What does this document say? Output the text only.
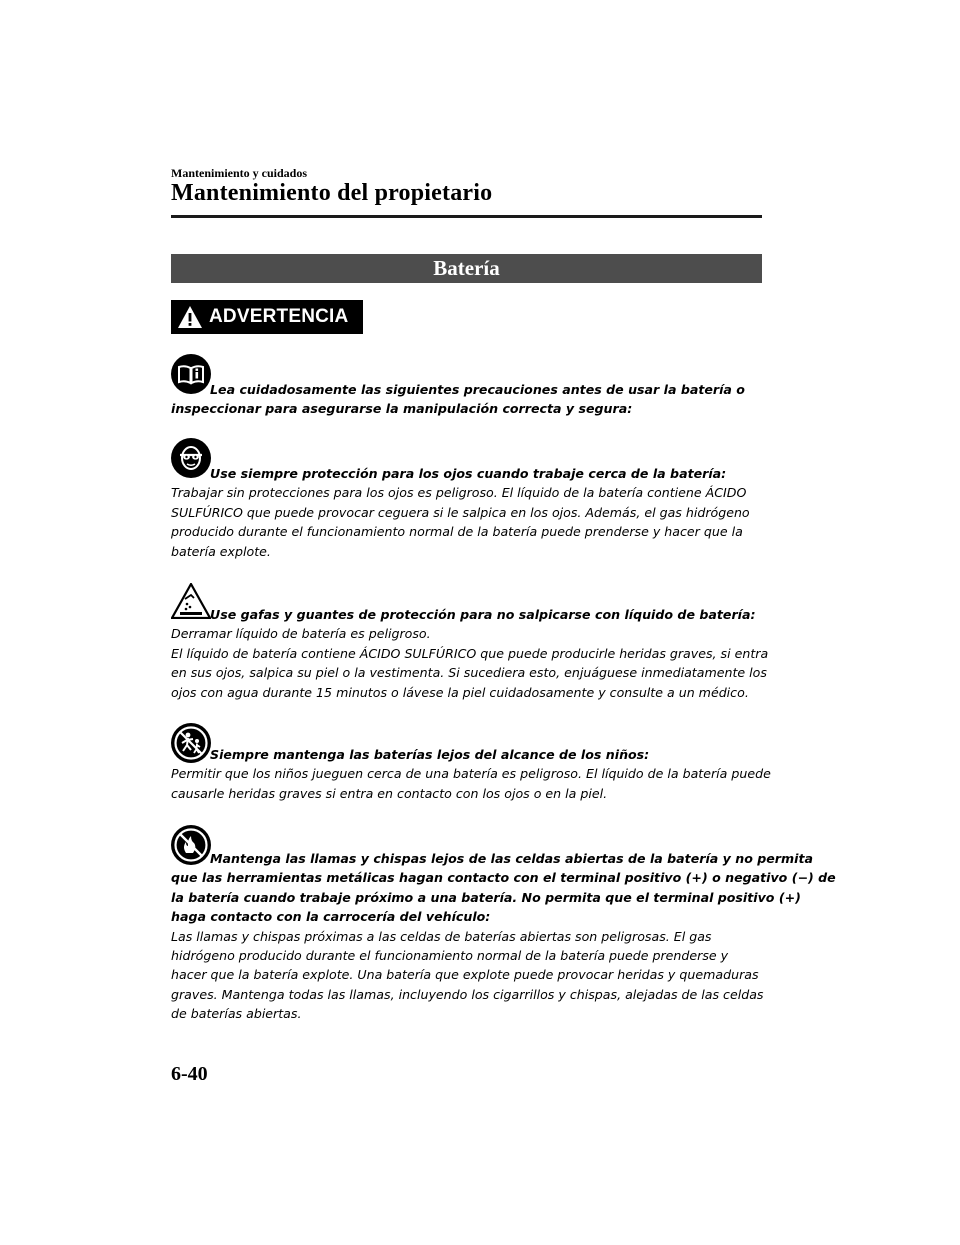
Mantenimiento y cuidados
Mantenimiento del propietario
Batería
ADVERTENCIA
Lea cuidadosamente las siguientes precauciones antes de usar la batería o
inspeccionar para asegurarse la manipulación correcta y segura:
Use siempre protección para los ojos cuando trabaje cerca de la batería:
Trabajar sin protecciones para los ojos es peligroso. El líquido de la batería contiene ÁCIDO
SULFÚRICO que puede provocar ceguera si le salpica en los ojos. Además, el gas hidrógeno
producido durante el funcionamiento normal de la batería puede prenderse y hacer que la
batería explote.
Use gafas y guantes de protección para no salpicarse con líquido de batería:
Derramar líquido de batería es peligroso.
El líquido de batería contiene ÁCIDO SULFÚRICO que puede producirle heridas graves, si entra
en sus ojos, salpica su piel o la vestimenta. Si sucediera esto, enjuáguese inmediatamente los
ojos con agua durante 15 minutos o lávese la piel cuidadosamente y consulte a un médico.
Siempre mantenga las baterías lejos del alcance de los niños:
Permitir que los niños jueguen cerca de una batería es peligroso. El líquido de la batería puede
causarle heridas graves si entra en contacto con los ojos o en la piel.
Mantenga las llamas y chispas lejos de las celdas abiertas de la batería y no permita
que las herramientas metálicas hagan contacto con el terminal positivo (+) o negativo (−) de
la batería cuando trabaje próximo a una batería. No permita que el terminal positivo (+)
haga contacto con la carrocería del vehículo:
Las llamas y chispas próximas a las celdas de baterías abiertas son peligrosas. El gas
hidrógeno producido durante el funcionamiento normal de la batería puede prenderse y
hacer que la batería explote. Una batería que explote puede provocar heridas y quemaduras
graves. Mantenga todas las llamas, incluyendo los cigarrillos y chispas, alejadas de las celdas
de baterías abiertas.
6-40
